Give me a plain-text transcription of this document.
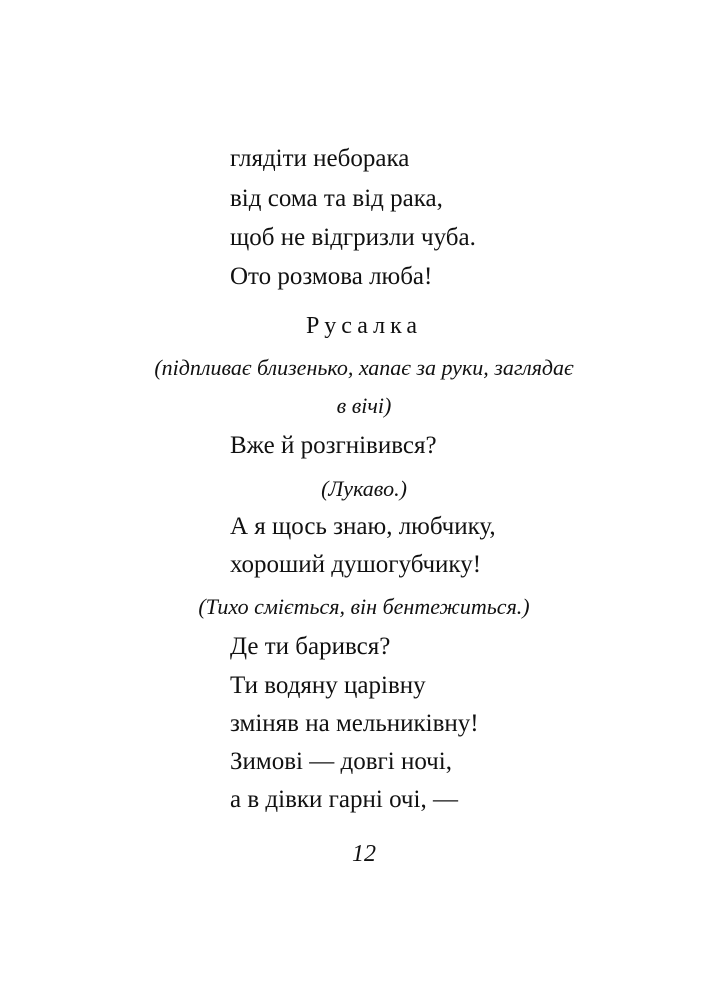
глядіти неборака
від сома та від рака,
щоб не відгризли чуба.
Ото розмова люба!
Русалка
(підпливає близенько, хапає за руки, заглядає
в вічі)
Вже й розгнівився?
(Лукаво.)
А я щось знаю, любчику,
хороший душогубчику!
(Тихо сміється, він бентежиться.)
Де ти барився?
Ти водяну царівну
зміняв на мельниківну!
Зимові — довгі ночі,
а в дівки гарні очі, —
12
